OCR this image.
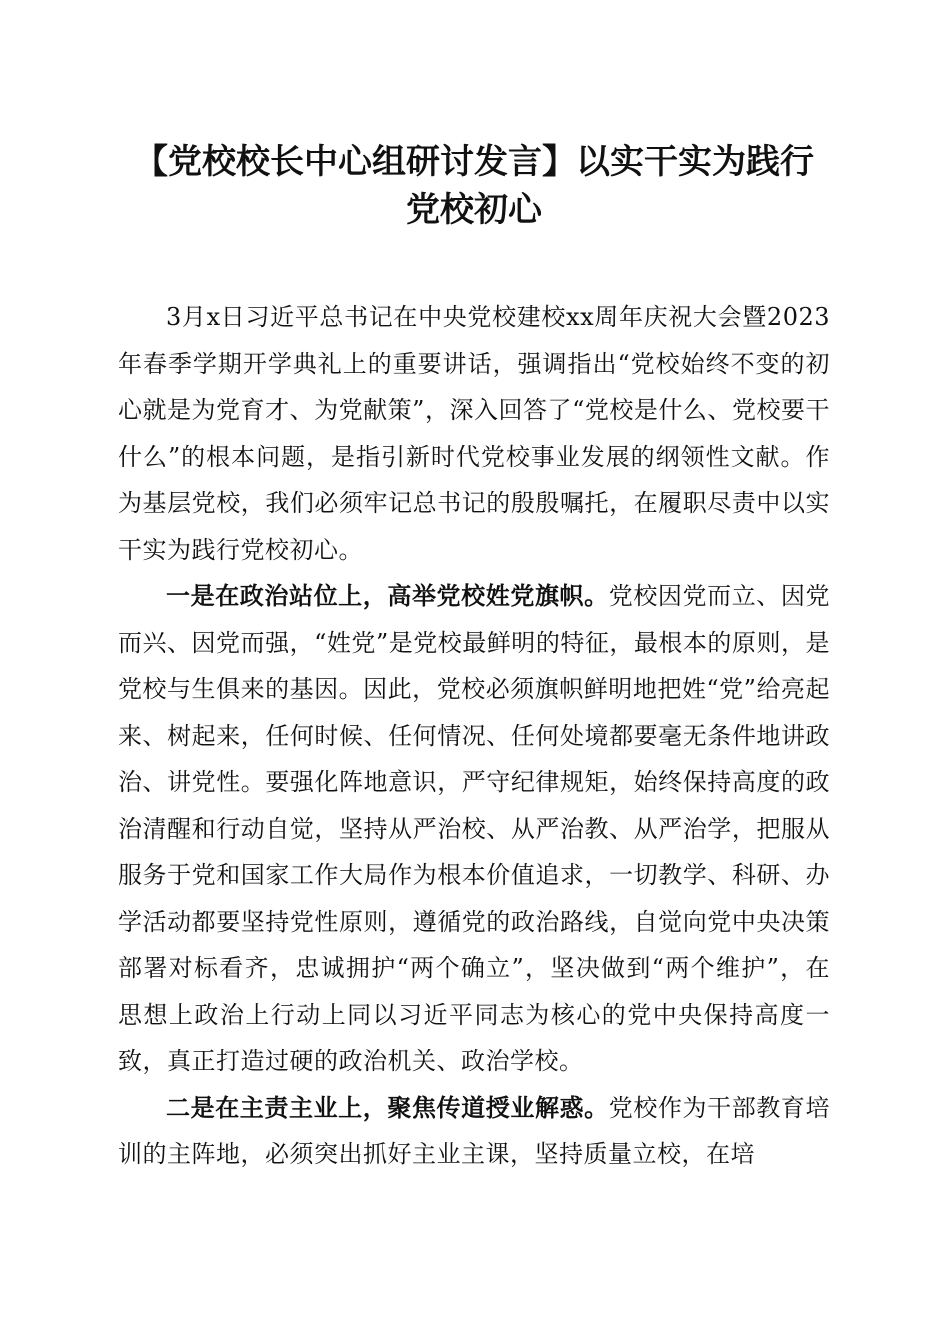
【党校校长中心组研讨发言】以实干实为践行
党校初心

3月x日习近平总书记在中央党校建校xx周年庆祝大会暨2023年春季学期开学典礼上的重要讲话，强调指出“党校始终不变的初心就是为党育才、为党献策”，深入回答了“党校是什么、党校要干什么”的根本问题，是指引新时代党校事业发展的纲领性文献。作为基层党校，我们必须牢记总书记的殷殷嘱托，在履职尽责中以实干实为践行党校初心。

一是在政治站位上，高举党校姓党旗帜。党校因党而立、因党而兴、因党而强，“姓党”是党校最鲜明的特征，最根本的原则，是党校与生俱来的基因。因此，党校必须旗帜鲜明地把姓“党”给亮起来、树起来，任何时候、任何情况、任何处境都要毫无条件地讲政治、讲党性。要强化阵地意识，严守纪律规矩，始终保持高度的政治清醒和行动自觉，坚持从严治校、从严治教、从严治学，把服从服务于党和国家工作大局作为根本价值追求，一切教学、科研、办学活动都要坚持党性原则，遵循党的政治路线，自觉向党中央决策部署对标看齐，忠诚拥护“两个确立”，坚决做到“两个维护”，在思想上政治上行动上同以习近平同志为核心的党中央保持高度一致，真正打造过硬的政治机关、政治学校。

二是在主责主业上，聚焦传道授业解惑。党校作为干部教育培训的主阵地，必须突出抓好主业主课，坚持质量立校，在培
